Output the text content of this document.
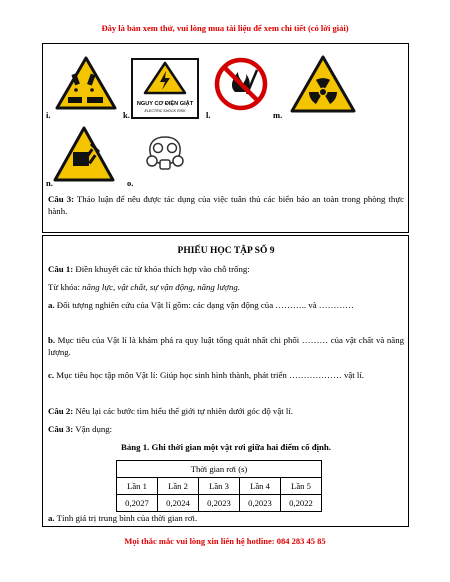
Đây là bản xem thử, vui lòng mua tài liệu để xem chi tiết (có lời giải)
i.
NGUY CƠ ĐIỆN GIẬT
ELECTRIC SHOCK RISK
k.	l.	m.
n.	o.
Câu 3: Thảo luận để nêu được tác dụng của việc tuân thủ các biển báo an toàn trong phòng thực hành.
PHIẾU HỌC TẬP SỐ 9
Câu 1: Điền khuyết các từ khóa thích hợp vào chỗ trống:
Từ khóa: năng lực, vật chất, sự vận động, năng lượng.
a. Đối tượng nghiên cứu của Vật lí gồm: các dạng vận động của ……….. và …………
b. Mục tiêu của Vật lí là khám phá ra quy luật tổng quát nhất chi phối ……… của vật chất và năng lượng.
c. Mục tiêu học tập môn Vật lí: Giúp học sinh hình thành, phát triển ……………… vật lí.
Câu 2: Nêu lại các bước tìm hiểu thế giới tự nhiên dưới góc độ vật lí.
Câu 3: Vận dụng:
Bảng 1. Ghi thời gian một vật rơi giữa hai điểm cố định.
Thời gian rơi (s)				
Lần 1	Lần 2	Lần 3	Lần 4	Lần 5
0,2027	0,2024	0,2023	0,2023	0,2022
a. Tính giá trị trung bình của thời gian rơi.
Mọi thắc mắc vui lòng xin liên hệ hotline: 084 283 45 85
